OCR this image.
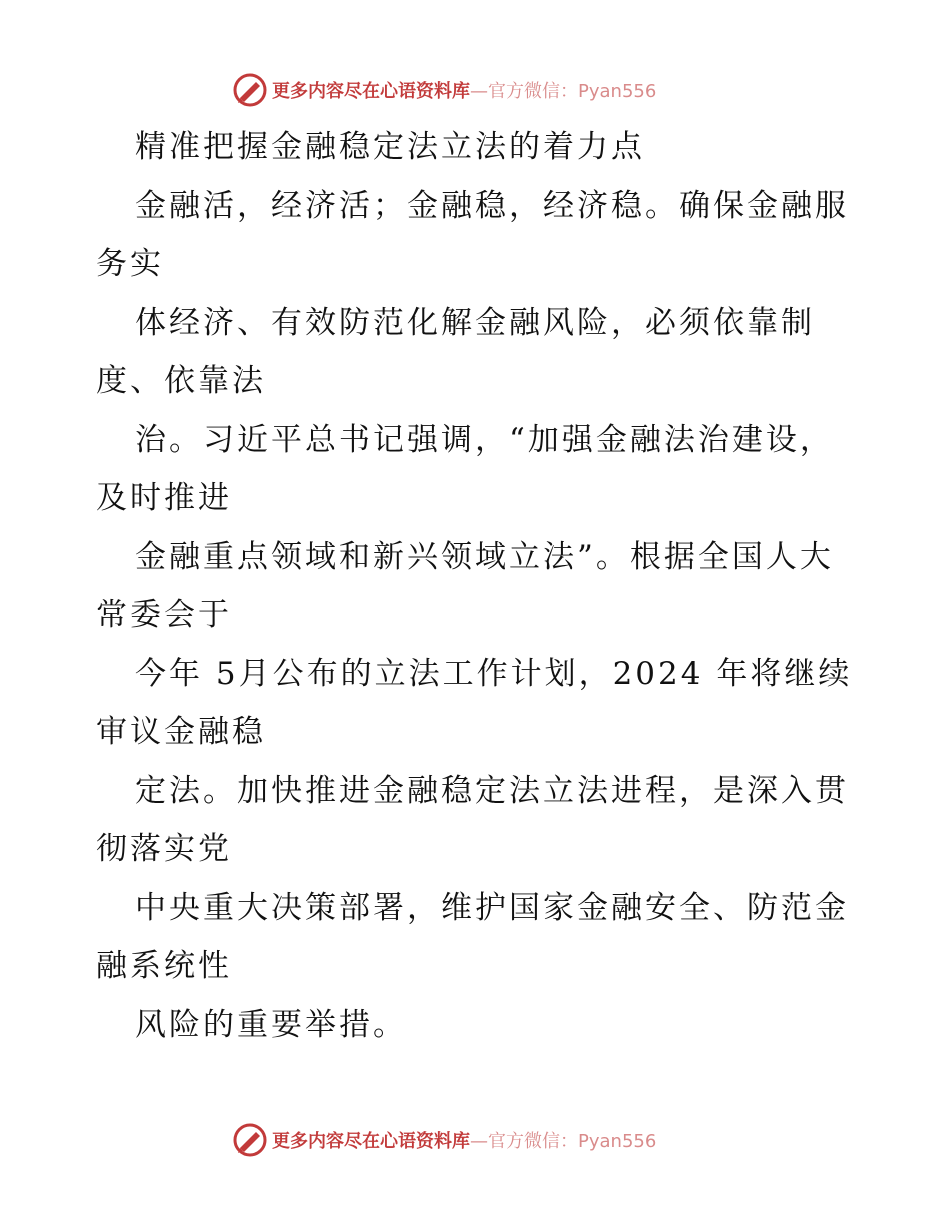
更多内容尽在心语资料库—官方微信：Pyan556
精准把握金融稳定法立法的着力点
金融活，经济活；金融稳，经济稳。确保金融服
务实
体经济、有效防范化解金融风险，必须依靠制
度、依靠法
治。习近平总书记强调，“加强金融法治建设，
及时推进
金融重点领域和新兴领域立法”。根据全国人大
常委会于
今年 5月公布的立法工作计划，2024 年将继续
审议金融稳
定法。加快推进金融稳定法立法进程，是深入贯
彻落实党
中央重大决策部署，维护国家金融安全、防范金
融系统性
风险的重要举措。
更多内容尽在心语资料库—官方微信：Pyan556
